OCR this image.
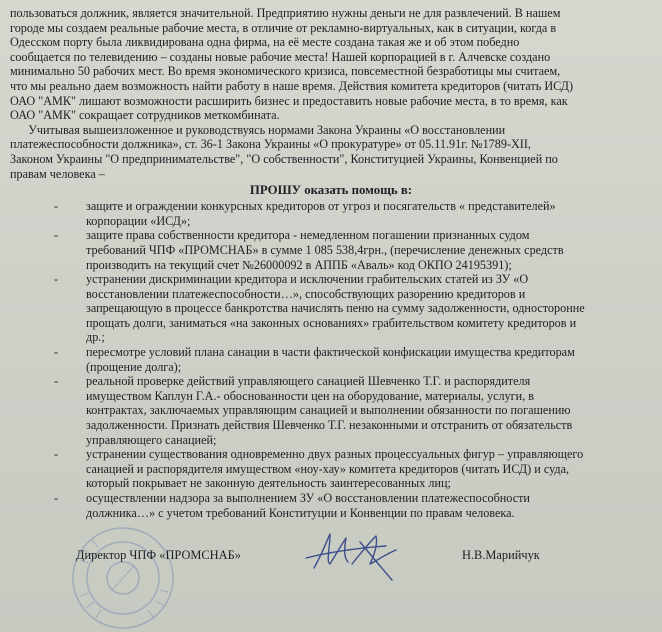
пользоваться должник, является значительной. Предприятию нужны деньги не для развлечений. В нашем
городе мы создаем реальные рабочие места, в отличие от рекламно-виртуальных, как в ситуации, когда в
Одесском порту была ликвидирована одна фирма, на её месте создана такая же и об этом победно
сообщается по телевидению – созданы новые рабочие места! Нашей корпорацией в г. Алчевске создано
минимально 50 рабочих мест. Во время экономического кризиса, повсеместной безработицы мы считаем,
что мы реально даем возможность найти работу в наше время. Действия комитета кредиторов (читать ИСД)
ОАО "АМК" лишают возможности расширить бизнес и предоставить новые рабочие места, в то время, как
ОАО "АМК" сокращает сотрудников меткомбината.
Учитывая вышеизложенное и руководствуясь нормами Закона Украины «О восстановлении
платежеспособности должника», ст. 36-1 Закона Украины «О прокуратуре» от 05.11.91г. №1789-XII,
Законом Украины "О предпринимательстве", "О собственности", Конституцией Украины, Конвенцией по
правам человека –
ПРОШУ оказать помощь в:
- защите и ограждении конкурсных кредиторов от угроз и посягательств « представителей»
корпорации «ИСД»;
- защите права собственности кредитора - немедленном погашении признанных судом
требований ЧПФ «ПРОМСНАБ» в сумме 1 085 538,4грн., (перечисление денежных средств
производить на текущий счет №26000092 в АППБ «Аваль» код ОКПО 24195391);
- устранении дискриминации кредитора и исключении грабительских статей из ЗУ «О
восстановлении платежеспособности…», способствующих разорению кредиторов и
запрещающую в процессе банкротства начислять пеню на сумму задолженности, односторонне
прощать долги, заниматься «на законных основаниях» грабительством комитету кредиторов и
др.;
- пересмотре условий плана санации в части фактической конфискации имущества кредиторам
(прощение долга);
- реальной проверке действий управляющего санацией Шевченко Т.Г. и распорядителя
имуществом Каплун Г.А.- обоснованности цен на оборудование, материалы, услуги, в
контрактах, заключаемых управляющим санацией и выполнении обязанности по погашению
задолженности. Признать действия Шевченко Т.Г. незаконными и отстранить от обязательств
управляющего санацией;
- устранении существования одновременно двух разных процессуальных фигур – управляющего
санацией и распорядителя имуществом «ноу-хау» комитета кредиторов (читать ИСД) и суда,
который покрывает не законную деятельность заинтересованных лиц;
- осуществлении надзора за выполнением ЗУ «О восстановлении платежеспособности
должника…» с учетом требований Конституции и Конвенции по правам человека.
Директор ЧПФ «ПРОМСНАБ»	Н.В.Марийчук
